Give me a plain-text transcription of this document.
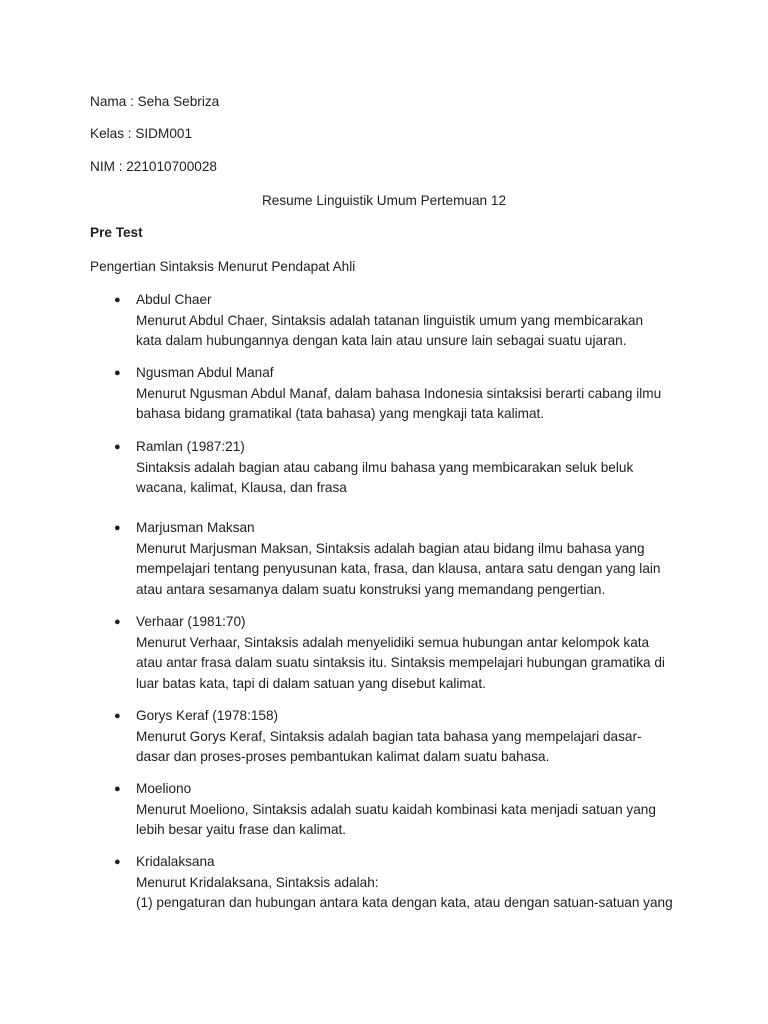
Nama : Seha Sebriza
Kelas : SIDM001
NIM : 221010700028
Resume Linguistik Umum Pertemuan 12
Pre Test
Pengertian Sintaksis Menurut Pendapat Ahli
●	Abdul Chaer
Menurut Abdul Chaer, Sintaksis adalah tatanan linguistik umum yang membicarakan
kata dalam hubungannya dengan kata lain atau unsure lain sebagai suatu ujaran.
●	Ngusman Abdul Manaf
Menurut Ngusman Abdul Manaf, dalam bahasa Indonesia sintaksisi berarti cabang ilmu
bahasa bidang gramatikal (tata bahasa) yang mengkaji tata kalimat.
●	Ramlan (1987:21)
Sintaksis adalah bagian atau cabang ilmu bahasa yang membicarakan seluk beluk
wacana, kalimat, Klausa, dan frasa
●	Marjusman Maksan
Menurut Marjusman Maksan, Sintaksis adalah bagian atau bidang ilmu bahasa yang
mempelajari tentang penyusunan kata, frasa, dan klausa, antara satu dengan yang lain
atau antara sesamanya dalam suatu konstruksi yang memandang pengertian.
●	Verhaar (1981:70)
Menurut Verhaar, Sintaksis adalah menyelidiki semua hubungan antar kelompok kata
atau antar frasa dalam suatu sintaksis itu. Sintaksis mempelajari hubungan gramatika di
luar batas kata, tapi di dalam satuan yang disebut kalimat.
●	Gorys Keraf (1978:158)
Menurut Gorys Keraf, Sintaksis adalah bagian tata bahasa yang mempelajari dasar-
dasar dan proses-proses pembantukan kalimat dalam suatu bahasa.
●	Moeliono
Menurut Moeliono, Sintaksis adalah suatu kaidah kombinasi kata menjadi satuan yang
lebih besar yaitu frase dan kalimat.
●	Kridalaksana
Menurut Kridalaksana, Sintaksis adalah:
(1) pengaturan dan hubungan antara kata dengan kata, atau dengan satuan-satuan yang
